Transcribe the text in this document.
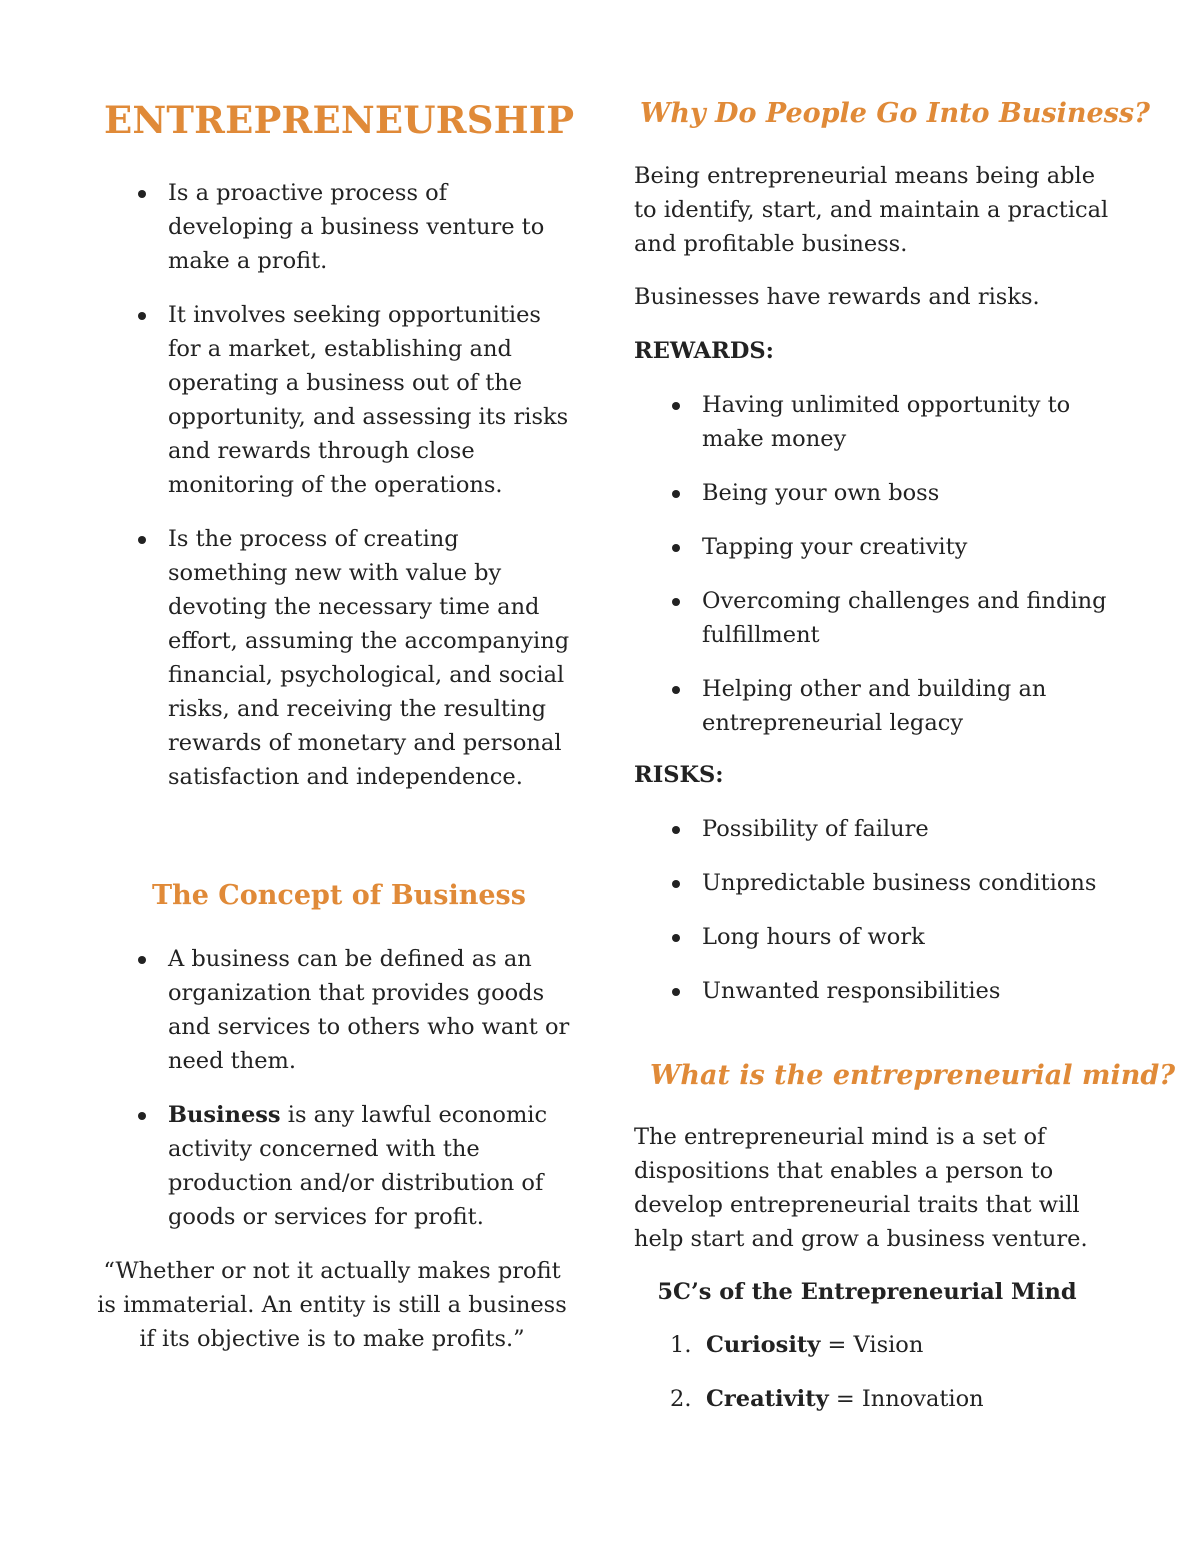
ENTREPRENEURSHIP
Is a proactive process of developing a business venture to make a profit.
It involves seeking opportunities for a market, establishing and operating a business out of the opportunity, and assessing its risks and rewards through close monitoring of the operations.
Is the process of creating something new with value by devoting the necessary time and effort, assuming the accompanying financial, psychological, and social risks, and receiving the resulting rewards of monetary and personal satisfaction and independence.
The Concept of Business
A business can be defined as an organization that provides goods and services to others who want or need them.
Business is any lawful economic activity concerned with the production and/or distribution of goods or services for profit.

“Whether or not it actually makes profit is immaterial. An entity is still a business if its objective is to make profits.”

Why Do People Go Into Business?

Being entrepreneurial means being able to identify, start, and maintain a practical and profitable business.

Businesses have rewards and risks.

REWARDS:

Having unlimited opportunity to make money
Being your own boss
Tapping your creativity
Overcoming challenges and finding fulfillment
Helping other and building an entrepreneurial legacy

RISKS:

Possibility of failure
Unpredictable business conditions
Long hours of work
Unwanted responsibilities
What is the entrepreneurial mind?

The entrepreneurial mind is a set of dispositions that enables a person to develop entrepreneurial traits that will help start and grow a business venture.

5C’s of the Entrepreneurial Mind

1. Curiosity = Vision
2. Creativity = Innovation
